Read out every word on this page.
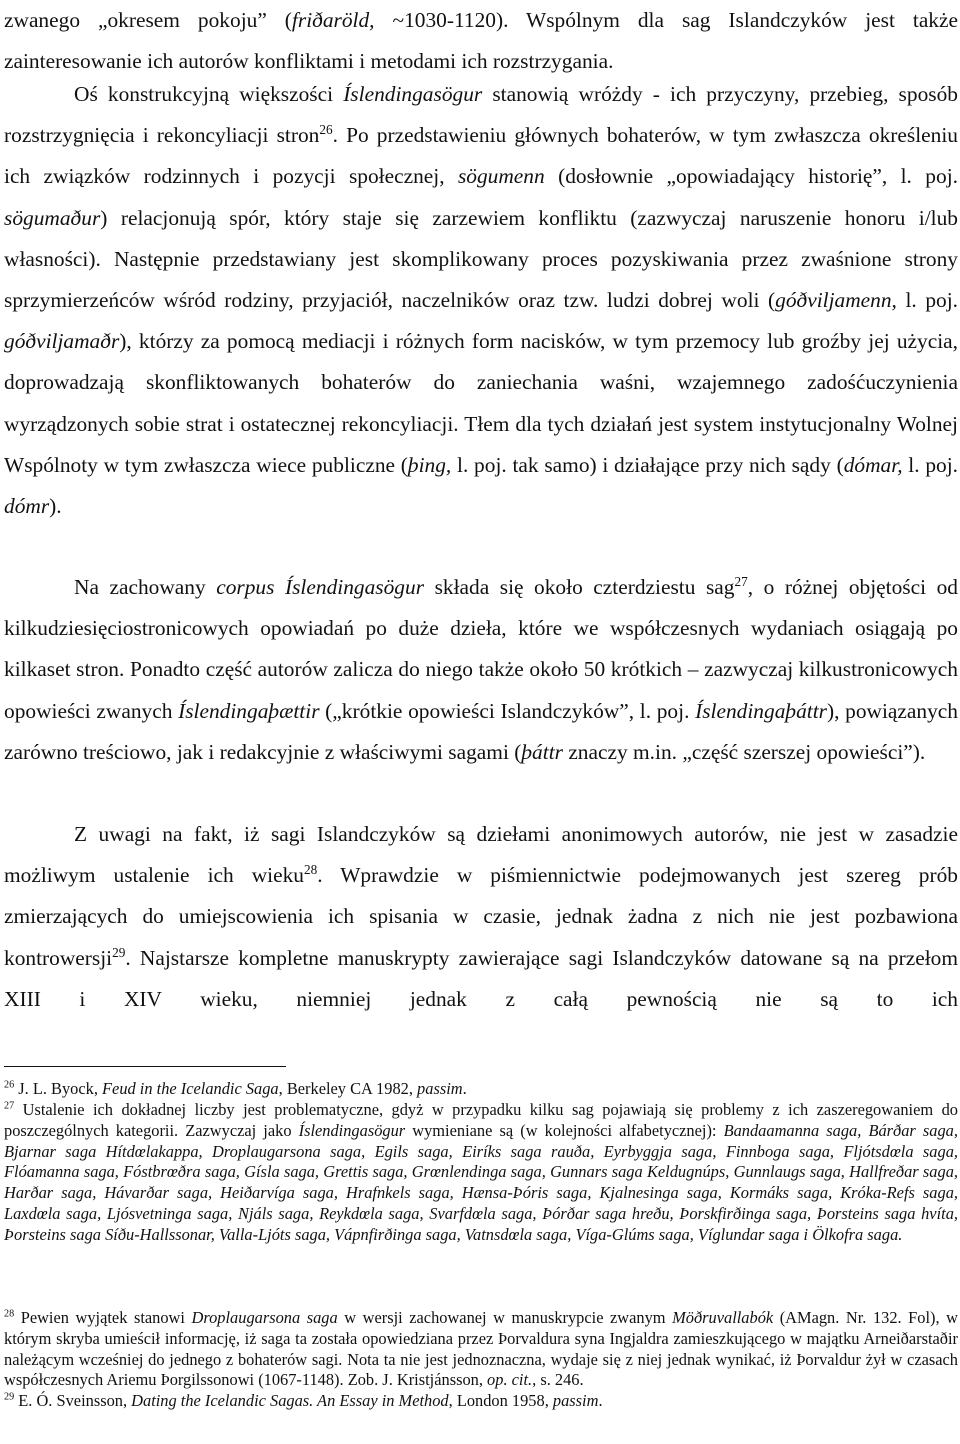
zwanego „okresem pokoju” (friðaröld, ~1030-1120). Wspólnym dla sag Islandczyków jest także zainteresowanie ich autorów konfliktami i metodami ich rozstrzygania.

Oś konstrukcyjną większości Íslendingasögur stanowią wróżdy - ich przyczyny, przebieg, sposób rozstrzygnięcia i rekoncyliacji stron$^{26}$. Po przedstawieniu głównych bohaterów, w tym zwłaszcza określeniu ich związków rodzinnych i pozycji społecznej, sögumenn (dosłownie „opowiadający historię”, l. poj. sögumaður) relacjonują spór, który staje się zarzewiem konfliktu (zazwyczaj naruszenie honoru i/lub własności). Następnie przedstawiany jest skomplikowany proces pozyskiwania przez zwaśnione strony sprzymierzeńców wśród rodziny, przyjaciół, naczelników oraz tzw. ludzi dobrej woli (góðviljamenn, l. poj. góðviljamaðr), którzy za pomocą mediacji i różnych form nacisków, w tym przemocy lub groźby jej użycia, doprowadzają skonfliktowanych bohaterów do zaniechania waśni, wzajemnego zadośćuczynienia wyrządzonych sobie strat i ostatecznej rekoncyliacji. Tłem dla tych działań jest system instytucjonalny Wolnej Wspólnoty w tym zwłaszcza wiece publiczne (þing, l. poj. tak samo) i działające przy nich sądy (dómar, l. poj. dómr).

Na zachowany corpus Íslendingasögur składa się około czterdziestu sag$^{27}$, o różnej objętości od kilkudziesięciostronicowych opowiadań po duże dzieła, które we współczesnych wydaniach osiągają po kilkaset stron. Ponadto część autorów zalicza do niego także około 50 krótkich – zazwyczaj kilkustronicowych opowieści zwanych Íslendingaþættir („krótkie opowieści Islandczyków”, l. poj. Íslendingaþáttr), powiązanych zarówno treściowo, jak i redakcyjnie z właściwymi sagami (þáttr znaczy m.in. „część szerszej opowieści”).

Z uwagi na fakt, iż sagi Islandczyków są dziełami anonimowych autorów, nie jest w zasadzie możliwym ustalenie ich wieku$^{28}$. Wprawdzie w piśmiennictwie podejmowanych jest szereg prób zmierzających do umiejscowienia ich spisania w czasie, jednak żadna z nich nie jest pozbawiona kontrowersji$^{29}$. Najstarsze kompletne manuskrypty zawierające sagi Islandczyków datowane są na przełom XIII i XIV wieku, niemniej jednak z całą pewnością nie są to ich

$^{26}$ J. L. Byock, Feud in the Icelandic Saga, Berkeley CA 1982, passim.

$^{27}$ Ustalenie ich dokładnej liczby jest problematyczne, gdyż w przypadku kilku sag pojawiają się problemy z ich zaszeregowaniem do poszczególnych kategorii. Zazwyczaj jako Íslendingasögur wymieniane są (w kolejności alfabetycznej): Bandaamanna saga, Bárðar saga, Bjarnar saga Hítdœlakappa, Droplaugarsona saga, Egils saga, Eiríks saga rauða, Eyrbyggja saga, Finnboga saga, Fljótsdœla saga, Flóamanna saga, Fóstbrœðra saga, Gísla saga, Grettis saga, Grœnlendinga saga, Gunnars saga Keldugnúps, Gunnlaugs saga, Hallfreðar saga, Harðar saga, Hávarðar saga, Heiðarvíga saga, Hrafnkels saga, Hænsa-Þóris saga, Kjalnesinga saga, Kormáks saga, Króka-Refs saga, Laxdœla saga, Ljósvetninga saga, Njáls saga, Reykdœla saga, Svarfdœla saga, Þórðar saga hreðu, Þorskfirðinga saga, Þorsteins saga hvíta, Þorsteins saga Síðu-Hallssonar, Valla-Ljóts saga, Vápnfirðinga saga, Vatnsdœla saga, Víga-Glúms saga, Víglundar saga i Ölkofra saga.

$^{28}$ Pewien wyjątek stanowi Droplaugarsona saga w wersji zachowanej w manuskrypcie zwanym Möðruvallabók (AMagn. Nr. 132. Fol), w którym skryba umieścił informację, iż saga ta została opowiedziana przez Þorvaldura syna Ingjaldra zamieszkującego w majątku Arneiðarstaðir należącym wcześniej do jednego z bohaterów sagi. Nota ta nie jest jednoznaczna, wydaje się z niej jednak wynikać, iż Þorvaldur żył w czasach współczesnych Ariemu Þorgilssonowi (1067-1148). Zob. J. Kristjánsson, op. cit., s. 246.

$^{29}$ E. Ó. Sveinsson, Dating the Icelandic Sagas. An Essay in Method, London 1958, passim.
